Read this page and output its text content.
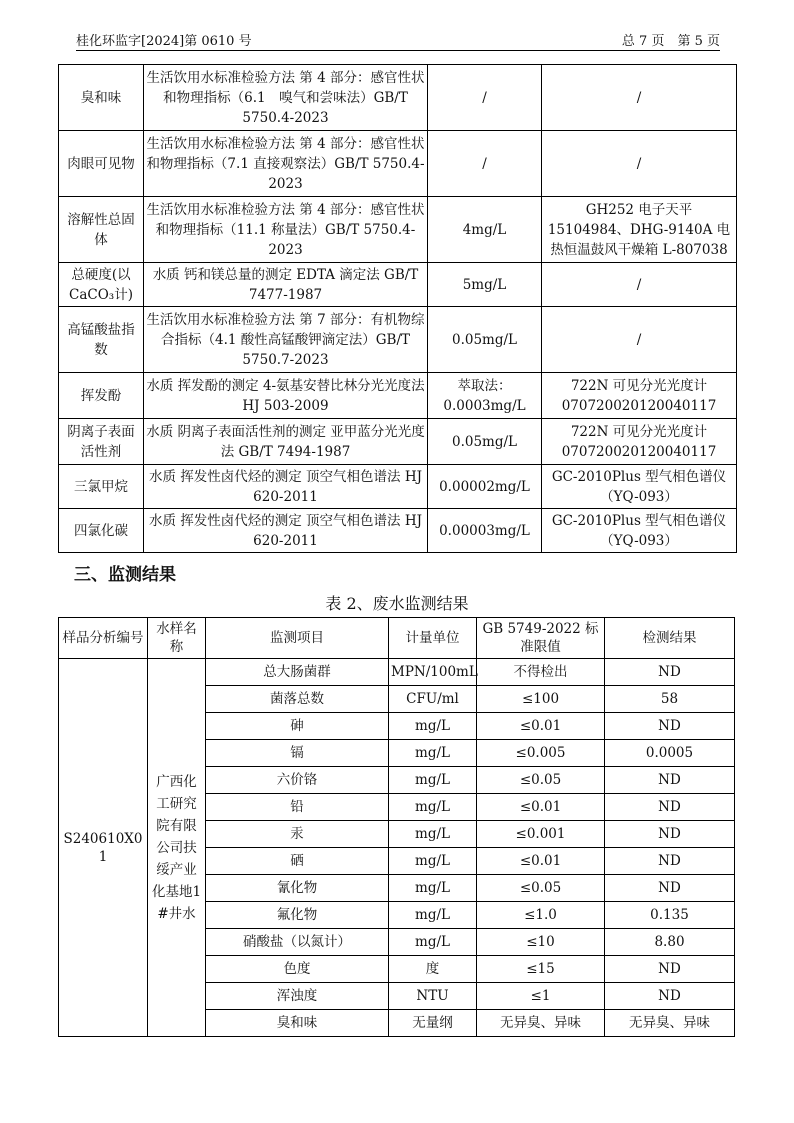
桂化环监字[2024]第 0610 号	总 7 页　第 5 页
臭和味	生活饮用水标准检验方法 第 4 部分：感官性状和物理指标（6.1　嗅气和尝味法）GB/T 5750.4-2023	/	/
肉眼可见物	生活饮用水标准检验方法 第 4 部分：感官性状和物理指标（7.1 直接观察法）GB/T 5750.4-2023	/	/
溶解性总固体	生活饮用水标准检验方法 第 4 部分：感官性状和物理指标（11.1 称量法）GB/T 5750.4-2023	4mg/L	GH252 电子天平 15104984、DHG-9140A 电热恒温鼓风干燥箱 L-807038
总硬度(以CaCO₃计)	水质 钙和镁总量的测定 EDTA 滴定法 GB/T 7477-1987	5mg/L	/
高锰酸盐指数	生活饮用水标准检验方法 第 7 部分：有机物综合指标（4.1 酸性高锰酸钾滴定法）GB/T 5750.7-2023	0.05mg/L	/
挥发酚	水质 挥发酚的测定 4-氨基安替比林分光光度法 HJ 503-2009	萃取法：0.0003mg/L	722N 可见分光光度计 070720020120040117
阴离子表面活性剂	水质 阴离子表面活性剂的测定 亚甲蓝分光光度法 GB/T 7494-1987	0.05mg/L	722N 可见分光光度计 070720020120040117
三氯甲烷	水质 挥发性卤代烃的测定 顶空气相色谱法 HJ 620-2011	0.00002mg/L	GC-2010Plus 型气相色谱仪（YQ-093）
四氯化碳	水质 挥发性卤代烃的测定 顶空气相色谱法 HJ 620-2011	0.00003mg/L	GC-2010Plus 型气相色谱仪（YQ-093）
三、监测结果
表 2、废水监测结果
样品分析编号	水样名称	监测项目	计量单位	GB 5749-2022 标准限值	检测结果
S240610X01	广西化工研究院有限公司扶绥产业化基地1#井水	总大肠菌群	MPN/100mL	不得检出	ND
		菌落总数	CFU/ml	≤100	58
		砷	mg/L	≤0.01	ND
		镉	mg/L	≤0.005	0.0005
		六价铬	mg/L	≤0.05	ND
		铅	mg/L	≤0.01	ND
		汞	mg/L	≤0.001	ND
		硒	mg/L	≤0.01	ND
		氰化物	mg/L	≤0.05	ND
		氟化物	mg/L	≤1.0	0.135
		硝酸盐（以氮计）	mg/L	≤10	8.80
		色度	度	≤15	ND
		浑浊度	NTU	≤1	ND
		臭和味	无量纲	无异臭、异味	无异臭、异味
